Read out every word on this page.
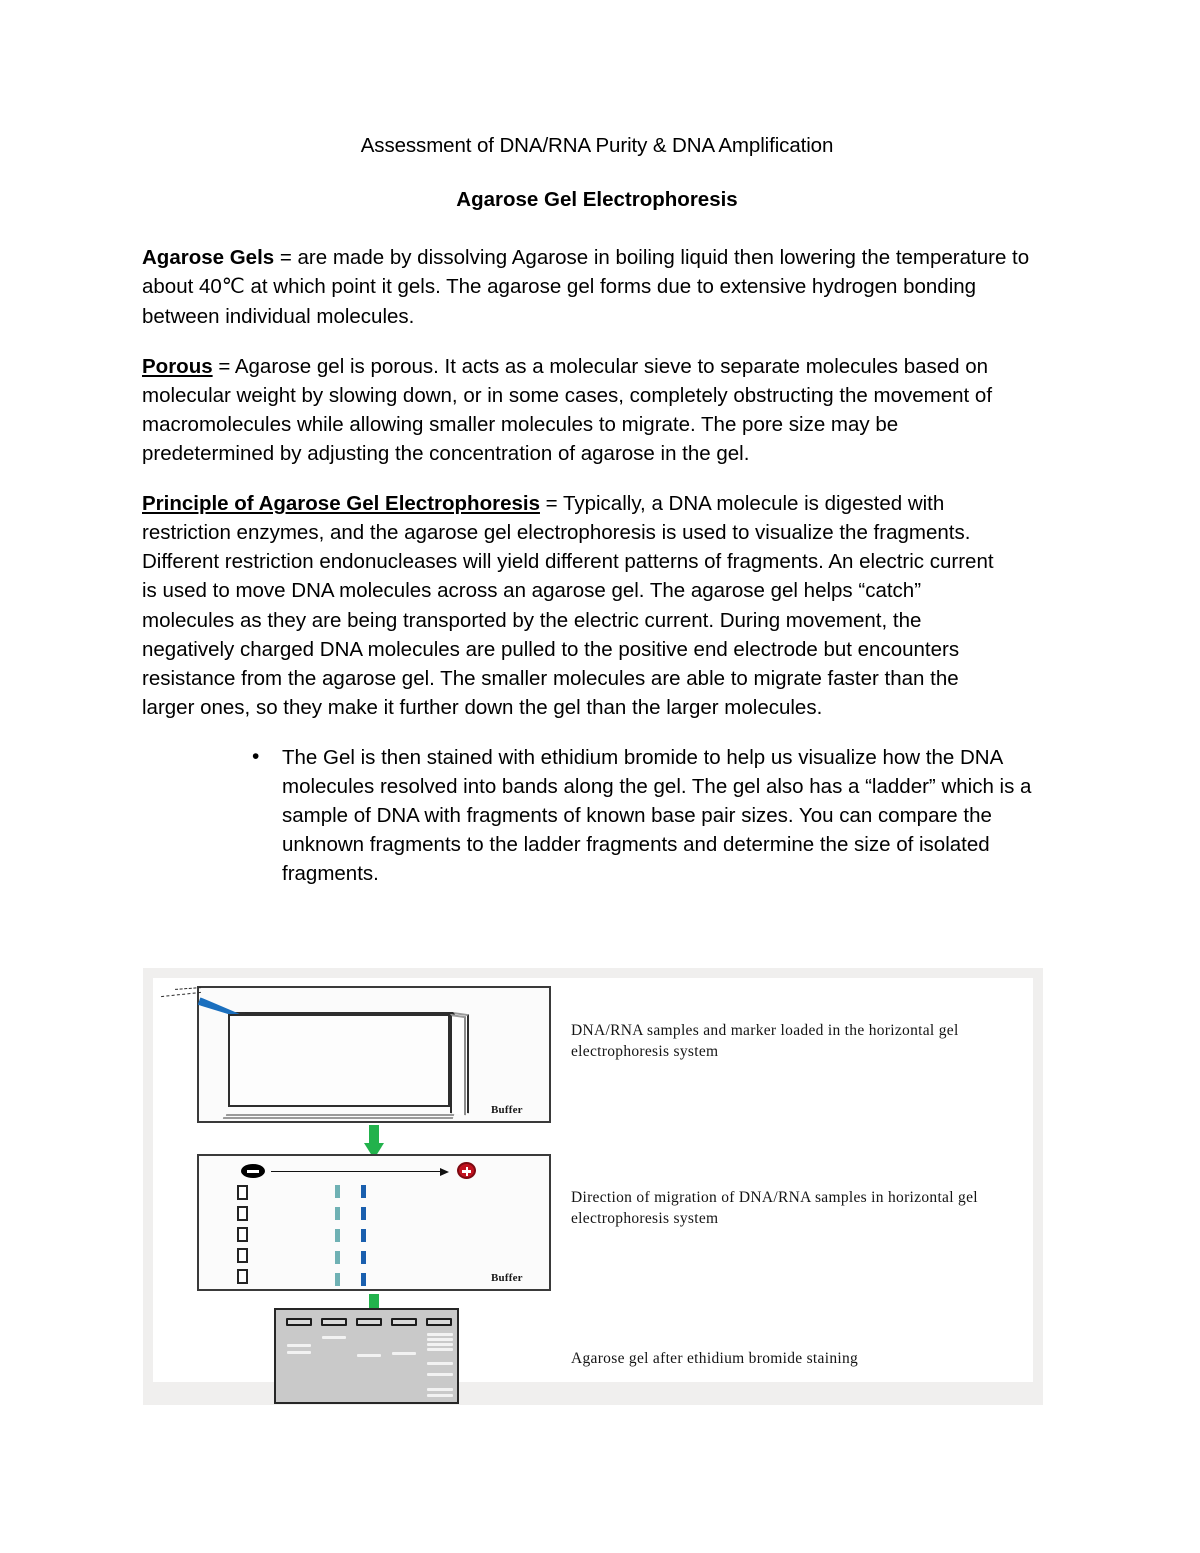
Assessment of DNA/RNA Purity & DNA Amplification
Agarose Gel Electrophoresis

Agarose Gels = are made by dissolving Agarose in boiling liquid then lowering the temperature to about 40℃ at which point it gels. The agarose gel forms due to extensive hydrogen bonding between individual molecules.

Porous = Agarose gel is porous. It acts as a molecular sieve to separate molecules based on molecular weight by slowing down, or in some cases, completely obstructing the movement of macromolecules while allowing smaller molecules to migrate. The pore size may be predetermined by adjusting the concentration of agarose in the gel.

Principle of Agarose Gel Electrophoresis = Typically, a DNA molecule is digested with restriction enzymes, and the agarose gel electrophoresis is used to visualize the fragments. Different restriction endonucleases will yield different patterns of fragments. An electric current is used to move DNA molecules across an agarose gel. The agarose gel helps “catch” molecules as they are being transported by the electric current. During movement, the negatively charged DNA molecules are pulled to the positive end electrode but encounters resistance from the agarose gel. The smaller molecules are able to migrate faster than the larger ones, so they make it further down the gel than the larger molecules.

• The Gel is then stained with ethidium bromide to help us visualize how the DNA molecules resolved into bands along the gel. The gel also has a “ladder” which is a sample of DNA with fragments of known base pair sizes. You can compare the unknown fragments to the ladder fragments and determine the size of isolated fragments.
Buffer
DNA/RNA samples and marker loaded in the horizontal gel electrophoresis system
Buffer
Direction of migration of DNA/RNA samples in horizontal gel electrophoresis system
Agarose gel after ethidium bromide staining
